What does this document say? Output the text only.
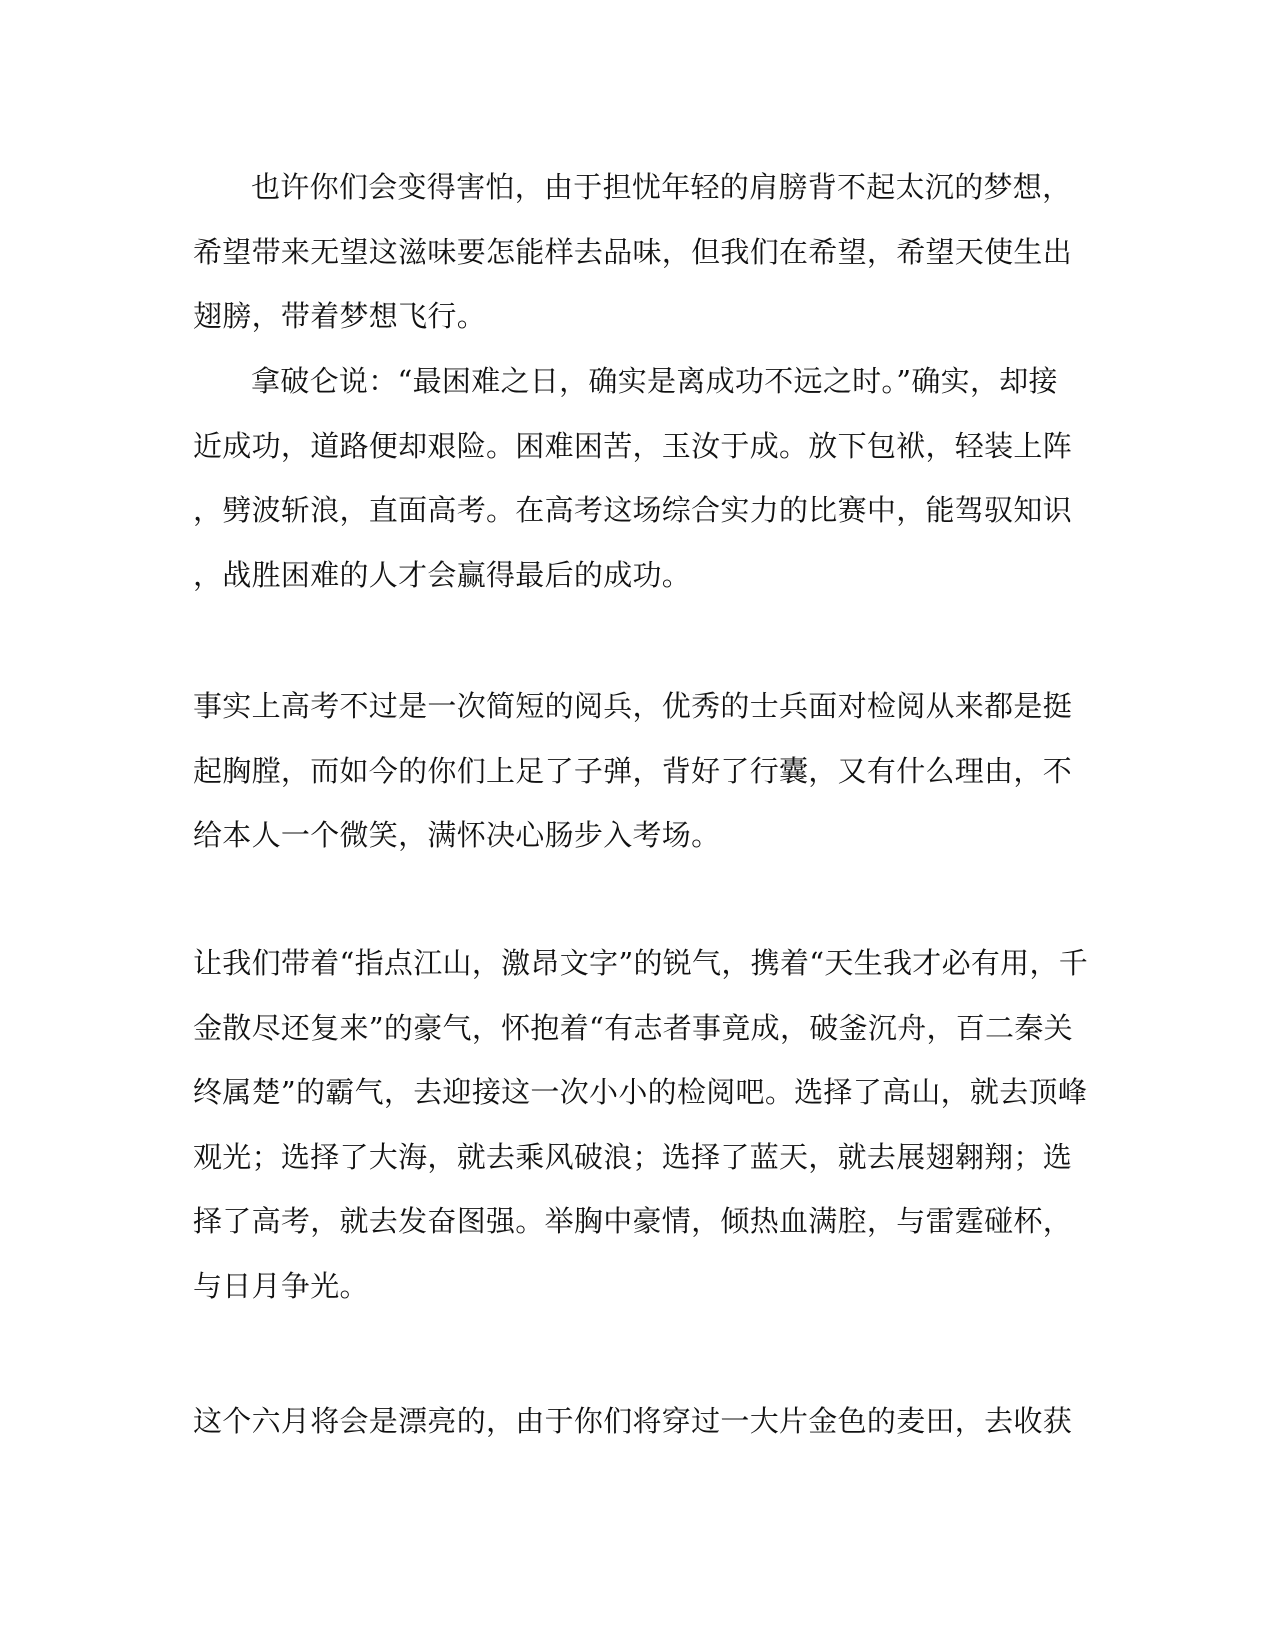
也许你们会变得害怕，由于担忧年轻的肩膀背不起太沉的梦想，
希望带来无望这滋味要怎能样去品味，但我们在希望，希望天使生出
翅膀，带着梦想飞行。

拿破仑说：“最困难之日，确实是离成功不远之时。”确实，却接
近成功，道路便却艰险。困难困苦，玉汝于成。放下包袱，轻装上阵
，劈波斩浪，直面高考。在高考这场综合实力的比赛中，能驾驭知识
，战胜困难的人才会赢得最后的成功。

事实上高考不过是一次简短的阅兵，优秀的士兵面对检阅从来都是挺
起胸膛，而如今的你们上足了子弹，背好了行囊，又有什么理由，不
给本人一个微笑，满怀决心肠步入考场。

让我们带着“指点江山，激昂文字”的锐气，携着“天生我才必有用，千
金散尽还复来”的豪气，怀抱着“有志者事竟成，破釜沉舟，百二秦关
终属楚”的霸气，去迎接这一次小小的检阅吧。选择了高山，就去顶峰
观光；选择了大海，就去乘风破浪；选择了蓝天，就去展翅翱翔；选
择了高考，就去发奋图强。举胸中豪情，倾热血满腔，与雷霆碰杯，
与日月争光。

这个六月将会是漂亮的，由于你们将穿过一大片金色的麦田，去收获
